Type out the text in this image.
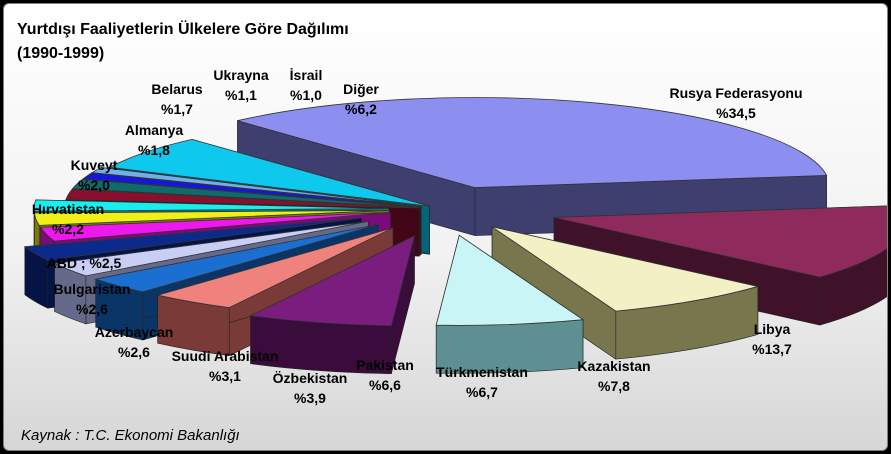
Yurtdışı Faaliyetlerin Ülkelere Göre Dağılımı
(1990-1999)
Rusya Federasyonu
%34,5
Libya
%13,7
Kazakistan
%7,8
Türkmenistan
%6,7
Pakistan
%6,6
Özbekistan
%3,9
Suudi Arabistan
%3,1
Azerbaycan
%2,6
Bulgaristan
%2,6
Hırvatistan
%2,2
Kuveyt
%2,0
Almanya
%1,8
Belarus
%1,7
Ukrayna
%1,1
İsrail
%1,0 Diğer
%6,2
ABD ; %2,5
Kaynak : T.C. Ekonomi Bakanlığı
